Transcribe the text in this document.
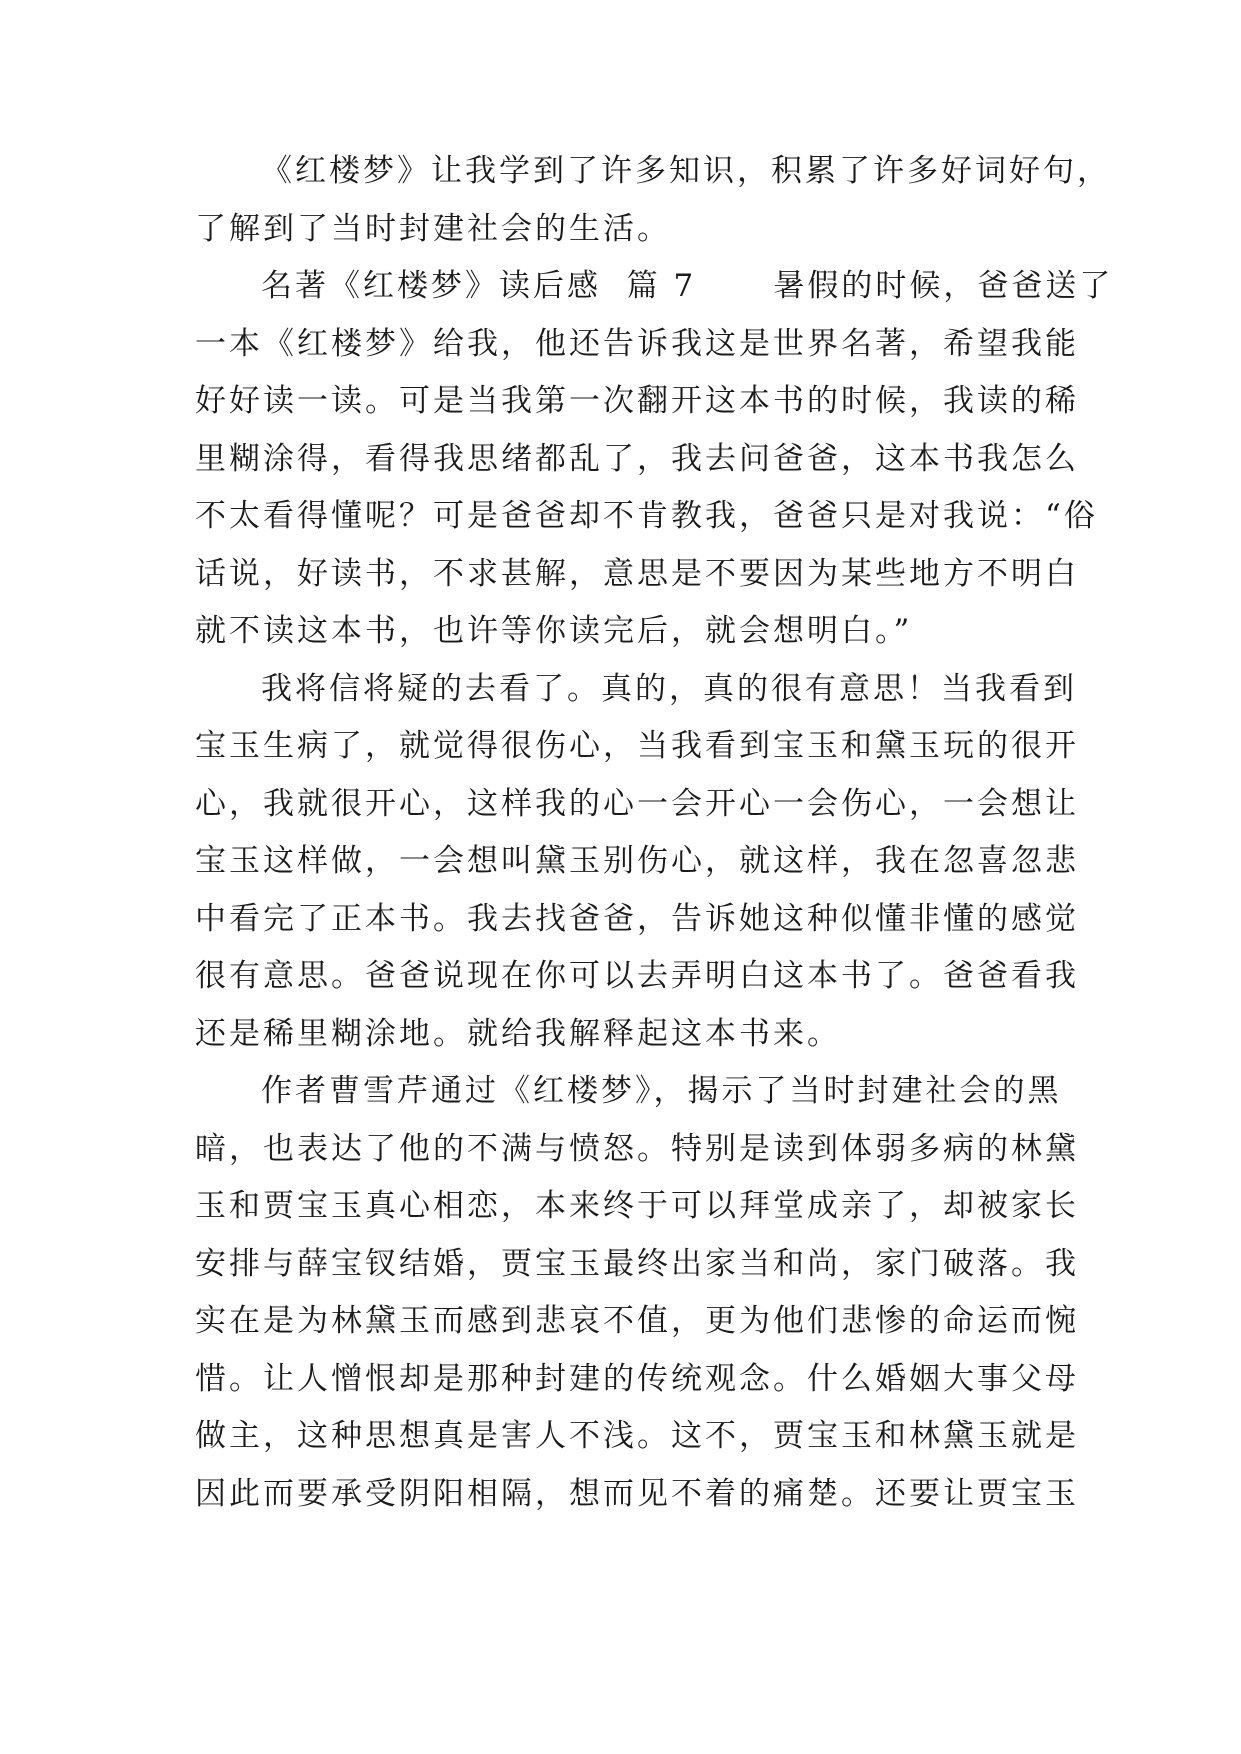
《红楼梦》让我学到了许多知识，积累了许多好词好句，
了解到了当时封建社会的生活。
名著《红楼梦》读后感  篇 7      暑假的时候，爸爸送了
一本《红楼梦》给我，他还告诉我这是世界名著，希望我能
好好读一读。可是当我第一次翻开这本书的时候，我读的稀
里糊涂得，看得我思绪都乱了，我去问爸爸，这本书我怎么
不太看得懂呢？可是爸爸却不肯教我，爸爸只是对我说：“俗
话说，好读书，不求甚解，意思是不要因为某些地方不明白
就不读这本书，也许等你读完后，就会想明白。”
我将信将疑的去看了。真的，真的很有意思！当我看到
宝玉生病了，就觉得很伤心，当我看到宝玉和黛玉玩的很开
心，我就很开心，这样我的心一会开心一会伤心，一会想让
宝玉这样做，一会想叫黛玉别伤心，就这样，我在忽喜忽悲
中看完了正本书。我去找爸爸，告诉她这种似懂非懂的感觉
很有意思。爸爸说现在你可以去弄明白这本书了。爸爸看我
还是稀里糊涂地。就给我解释起这本书来。
作者曹雪芹通过《红楼梦》，揭示了当时封建社会的黑
暗，也表达了他的不满与愤怒。特别是读到体弱多病的林黛
玉和贾宝玉真心相恋，本来终于可以拜堂成亲了，却被家长
安排与薛宝钗结婚，贾宝玉最终出家当和尚，家门破落。我
实在是为林黛玉而感到悲哀不值，更为他们悲惨的命运而惋
惜。让人憎恨却是那种封建的传统观念。什么婚姻大事父母
做主，这种思想真是害人不浅。这不，贾宝玉和林黛玉就是
因此而要承受阴阳相隔，想而见不着的痛楚。还要让贾宝玉
